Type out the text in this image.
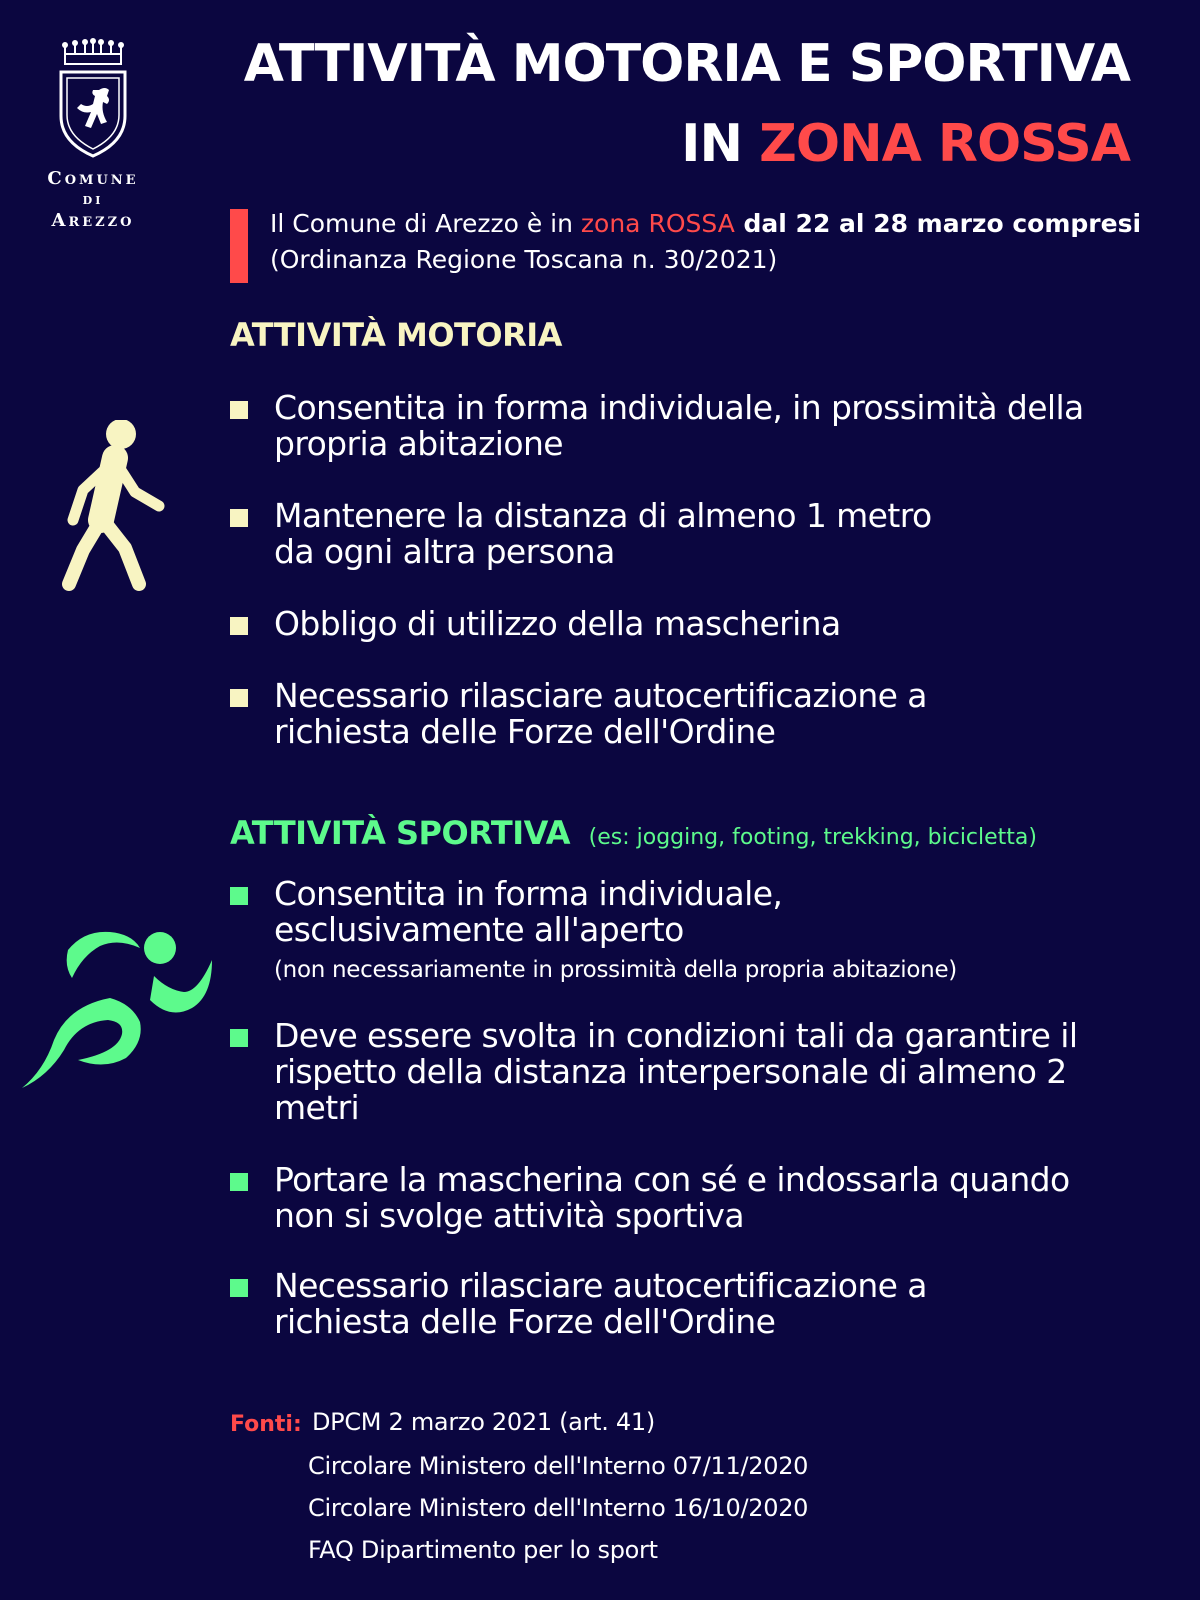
Comune
di
Arezzo
ATTIVITÀ MOTORIA E SPORTIVA
IN ZONA ROSSA
Il Comune di Arezzo è in zona ROSSA dal 22 al 28 marzo compresi
(Ordinanza Regione Toscana n. 30/2021)
ATTIVITÀ MOTORIA
Consentita in forma individuale, in prossimità della propria abitazione
Mantenere la distanza di almeno 1 metro da ogni altra persona
Obbligo di utilizzo della mascherina
Necessario rilasciare autocertificazione a richiesta delle Forze dell'Ordine
ATTIVITÀ SPORTIVA (es: jogging, footing, trekking, bicicletta)
Consentita in forma individuale, esclusivamente all'aperto
(non necessariamente in prossimità della propria abitazione)
Deve essere svolta in condizioni tali da garantire il rispetto della distanza interpersonale di almeno 2 metri
Portare la mascherina con sé e indossarla quando non si svolge attività sportiva
Necessario rilasciare autocertificazione a richiesta delle Forze dell'Ordine
Fonti: DPCM 2 marzo 2021 (art. 41)
Circolare Ministero dell'Interno 07/11/2020
Circolare Ministero dell'Interno 16/10/2020
FAQ Dipartimento per lo sport
